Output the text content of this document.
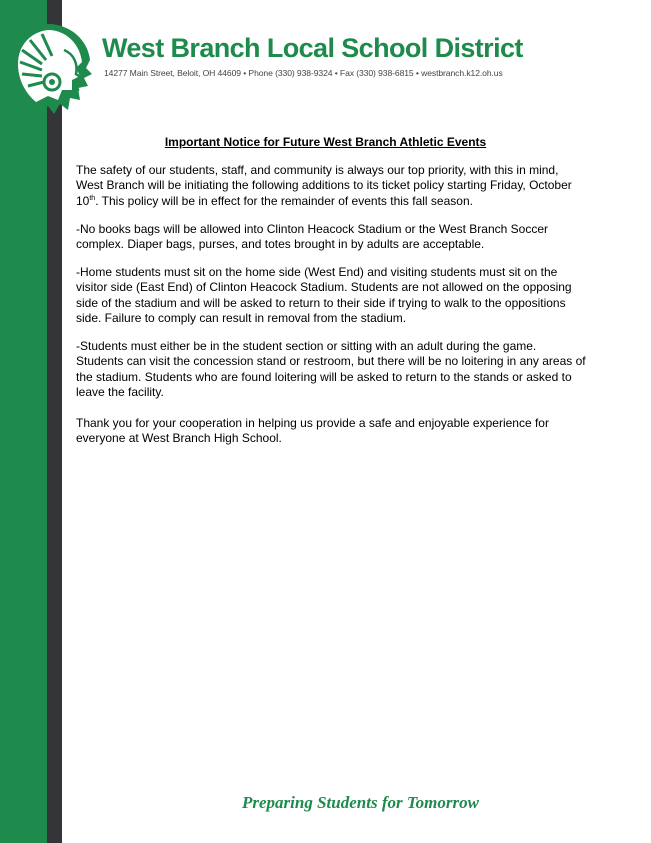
West Branch Local School District
14277 Main Street, Beloit, OH 44609 • Phone (330) 938-9324 • Fax (330) 938-6815 • westbranch.k12.oh.us
Important Notice for Future West Branch Athletic Events
The safety of our students, staff, and community is always our top priority, with this in mind,
West Branch will be initiating the following additions to its ticket policy starting Friday, October
10th. This policy will be in effect for the remainder of events this fall season.
-No books bags will be allowed into Clinton Heacock Stadium or the West Branch Soccer
complex. Diaper bags, purses, and totes brought in by adults are acceptable.
-Home students must sit on the home side (West End) and visiting students must sit on the
visitor side (East End) of Clinton Heacock Stadium. Students are not allowed on the opposing
side of the stadium and will be asked to return to their side if trying to walk to the oppositions
side. Failure to comply can result in removal from the stadium.
-Students must either be in the student section or sitting with an adult during the game.
Students can visit the concession stand or restroom, but there will be no loitering in any areas of
the stadium. Students who are found loitering will be asked to return to the stands or asked to
leave the facility.
Thank you for your cooperation in helping us provide a safe and enjoyable experience for
everyone at West Branch High School.
Preparing Students for Tomorrow
